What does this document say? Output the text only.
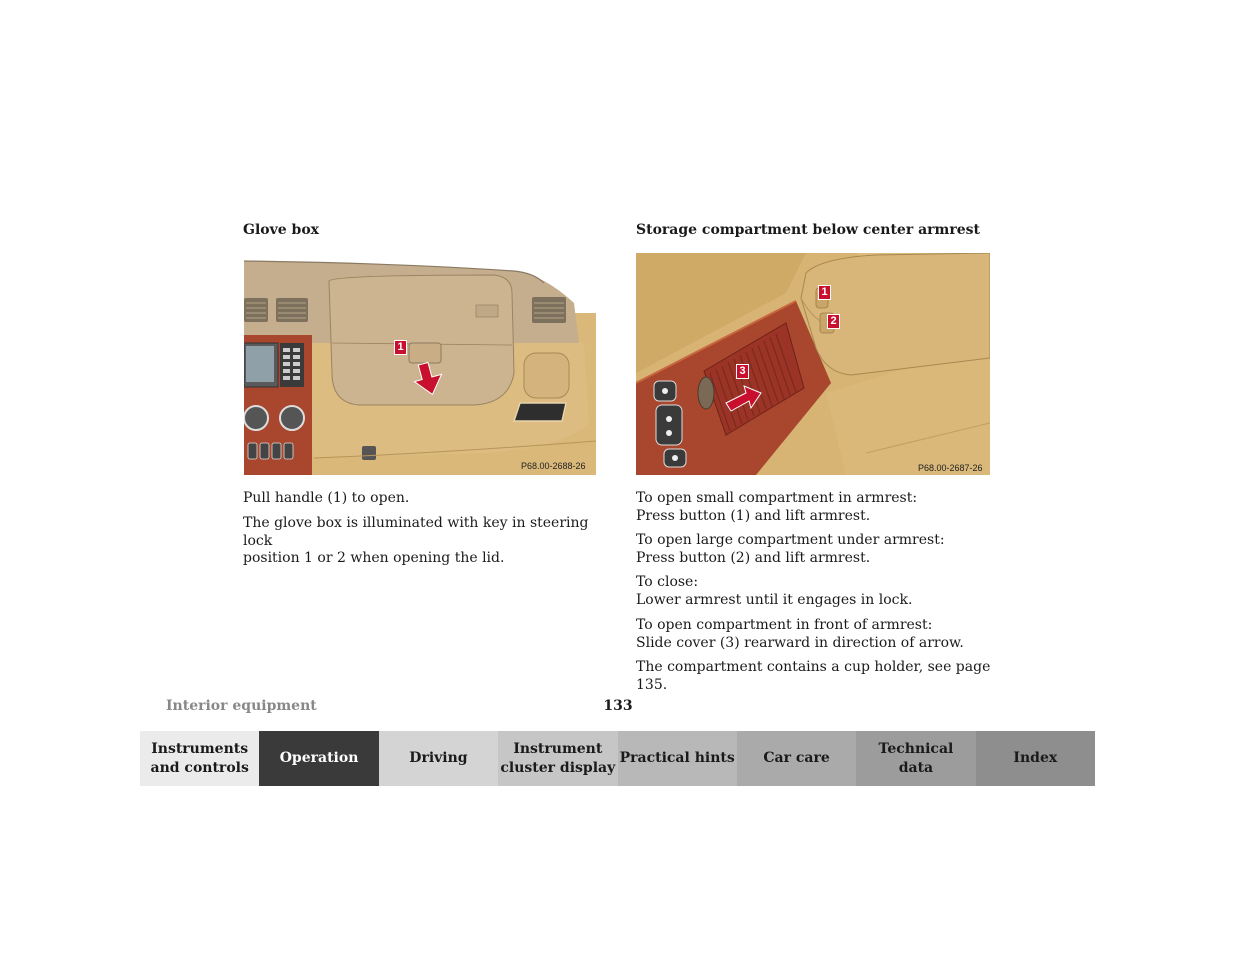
Glove box
1
P68.00-2688-26
Pull handle (1) to open.
The glove box is illuminated with key in steering lock
position 1 or 2 when opening the lid.
Storage compartment below center armrest
1
2
3
P68.00-2687-26
To open small compartment in armrest:
Press button (1) and lift armrest.
To open large compartment under armrest:
Press button (2) and lift armrest.
To close:
Lower armrest until it engages in lock.
To open compartment in front of armrest:
Slide cover (3) rearward in direction of arrow.
The compartment contains a cup holder, see page 135.
Interior equipment	133
Instruments
and controls
Operation	Driving
Instrument
cluster display
Practical hints	Car care
Technical
data
Index
